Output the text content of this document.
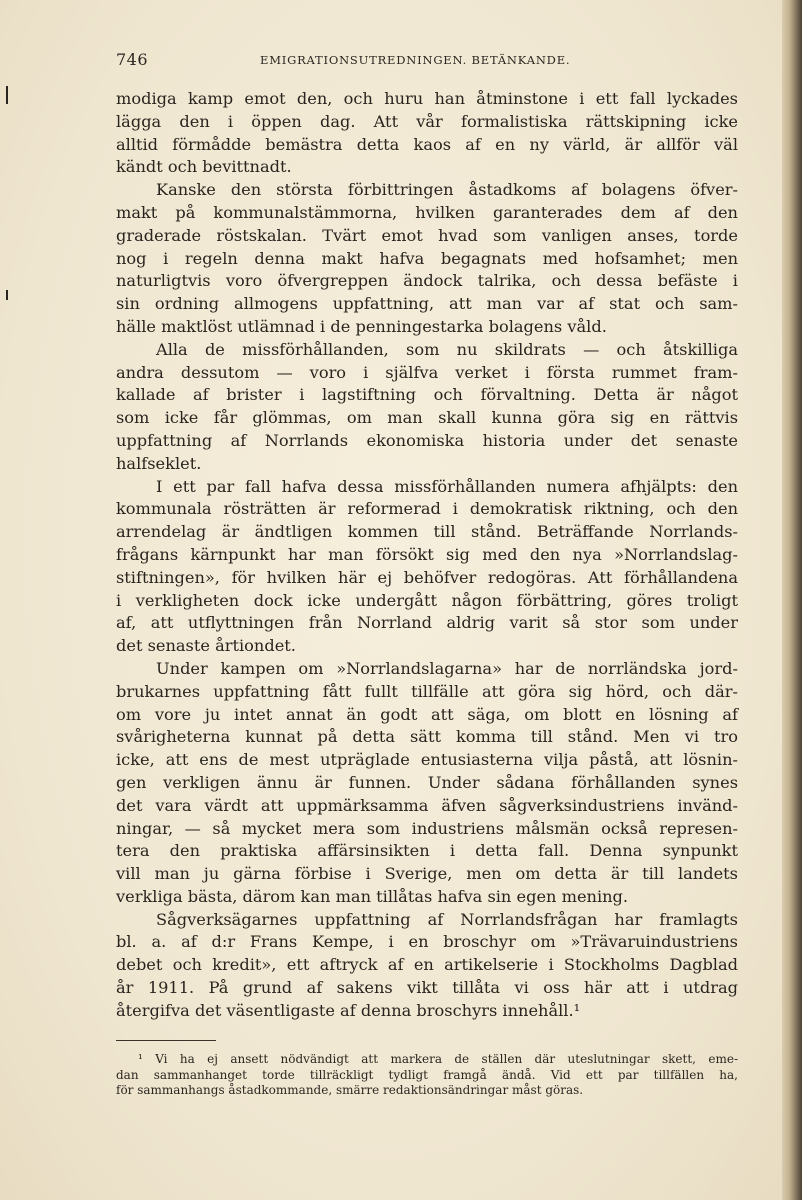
746	EMIGRATIONSUTREDNINGEN. BETÄNKANDE.
modiga kamp emot den, och huru han åtminstone i ett fall lyckades
lägga den i öppen dag. Att vår formalistiska rättskipning icke
alltid förmådde bemästra detta kaos af en ny värld, är allför väl
kändt och bevittnadt.
Kanske den största förbittringen åstadkoms af bolagens öfver-
makt på kommunalstämmorna, hvilken garanterades dem af den
graderade röstskalan. Tvärt emot hvad som vanligen anses, torde
nog i regeln denna makt hafva begagnats med hofsamhet; men
naturligtvis voro öfvergreppen ändock talrika, och dessa befäste i
sin ordning allmogens uppfattning, att man var af stat och sam-
hälle maktlöst utlämnad i de penningestarka bolagens våld.
Alla de missförhållanden, som nu skildrats — och åtskilliga
andra dessutom — voro i själfva verket i första rummet fram-
kallade af brister i lagstiftning och förvaltning. Detta är något
som icke får glömmas, om man skall kunna göra sig en rättvis
uppfattning af Norrlands ekonomiska historia under det senaste
halfseklet.
I ett par fall hafva dessa missförhållanden numera afhjälpts: den
kommunala rösträtten är reformerad i demokratisk riktning, och den
arrendelag är ändtligen kommen till stånd. Beträffande Norrlands-
frågans kärnpunkt har man försökt sig med den nya »Norrlandslag-
stiftningen», för hvilken här ej behöfver redogöras. Att förhållandena
i verkligheten dock icke undergått någon förbättring, göres troligt
af, att utflyttningen från Norrland aldrig varit så stor som under
det senaste årtiondet.
Under kampen om »Norrlandslagarna» har de norrländska jord-
brukarnes uppfattning fått fullt tillfälle att göra sig hörd, och där-
om vore ju intet annat än godt att säga, om blott en lösning af
svårigheterna kunnat på detta sätt komma till stånd. Men vi tro
icke, att ens de mest utpräglade entusiasterna vilja påstå, att lösnin-
gen verkligen ännu är funnen. Under sådana förhållanden synes
det vara värdt att uppmärksamma äfven sågverksindustriens invänd-
ningar, — så mycket mera som industriens målsmän också represen-
tera den praktiska affärsinsikten i detta fall. Denna synpunkt
vill man ju gärna förbise i Sverige, men om detta är till landets
verkliga bästa, därom kan man tillåtas hafva sin egen mening.
Sågverksägarnes uppfattning af Norrlandsfrågan har framlagts
bl. a. af d:r Frans Kempe, i en broschyr om »Trävaruindustriens
debet och kredit», ett aftryck af en artikelserie i Stockholms Dagblad
år 1911. På grund af sakens vikt tillåta vi oss här att i utdrag
återgifva det väsentligaste af denna broschyrs innehåll.¹
¹ Vi ha ej ansett nödvändigt att markera de ställen där uteslutningar skett, eme-
dan sammanhanget torde tillräckligt tydligt framgå ändå. Vid ett par tillfällen ha,
för sammanhangs åstadkommande, smärre redaktionsändringar måst göras.
